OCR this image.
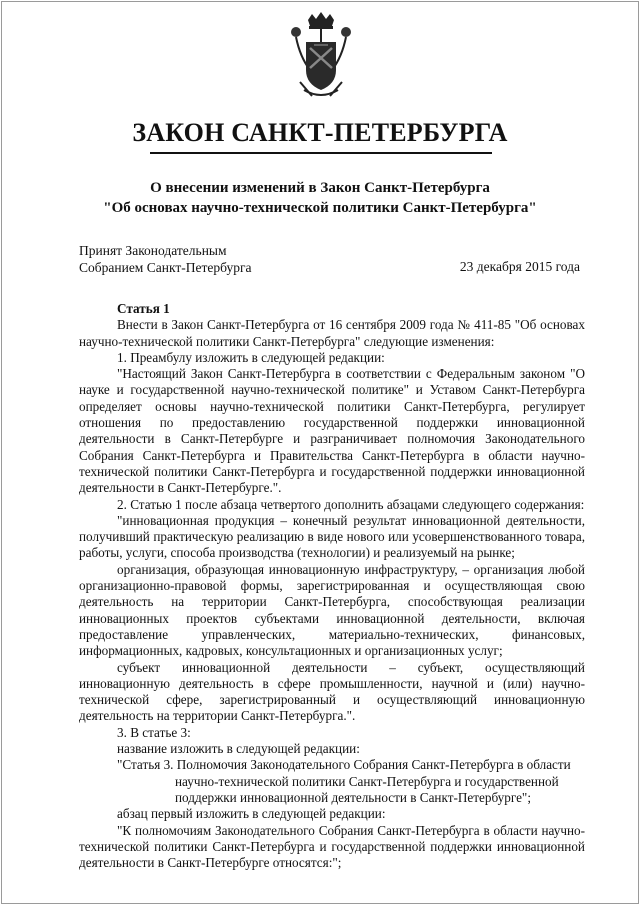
ЗАКОН САНКТ-ПЕТЕРБУРГА
О внесении изменений в Закон Санкт-Петербурга
"Об основах научно-технической политики Санкт-Петербурга"
Принят Законодательным
Собранием Санкт-Петербурга	23 декабря 2015 года

Статья 1

Внести в Закон Санкт-Петербурга от 16 сентября 2009 года № 411-85 "Об основах научно-технической политики Санкт-Петербурга" следующие изменения:

1. Преамбулу изложить в следующей редакции:

"Настоящий Закон Санкт-Петербурга в соответствии с Федеральным законом "О науке и государственной научно-технической политике" и Уставом Санкт-Петербурга определяет основы научно-технической политики Санкт-Петербурга, регулирует отношения по предоставлению государственной поддержки инновационной деятельности в Санкт-Петербурге и разграничивает полномочия Законодательного Собрания Санкт-Петербурга и Правительства Санкт-Петербурга в области научно-технической политики Санкт-Петербурга и государственной поддержки инновационной деятельности в Санкт-Петербурге.".

2. Статью 1 после абзаца четвертого дополнить абзацами следующего содержания:

"инновационная продукция – конечный результат инновационной деятельности, получивший практическую реализацию в виде нового или усовершенствованного товара, работы, услуги, способа производства (технологии) и реализуемый на рынке;

организация, образующая инновационную инфраструктуру, – организация любой организационно-правовой формы, зарегистрированная и осуществляющая свою деятельность на территории Санкт-Петербурга, способствующая реализации инновационных проектов субъектами инновационной деятельности, включая предоставление управленческих, материально-технических, финансовых, информационных, кадровых, консультационных и организационных услуг;

субъект инновационной деятельности – субъект, осуществляющий инновационную деятельность в сфере промышленности, научной и (или) научно-технической сфере, зарегистрированный и осуществляющий инновационную деятельность на территории Санкт-Петербурга.".

3. В статье 3:

название изложить в следующей редакции:

"Статья 3. Полномочия Законодательного Собрания Санкт-Петербурга в области

научно-технической политики Санкт-Петербурга и государственной

поддержки инновационной деятельности в Санкт-Петербурге";

абзац первый изложить в следующей редакции:

"К полномочиям Законодательного Собрания Санкт-Петербурга в области научно-технической политики Санкт-Петербурга и государственной поддержки инновационной деятельности в Санкт-Петербурге относятся:";
